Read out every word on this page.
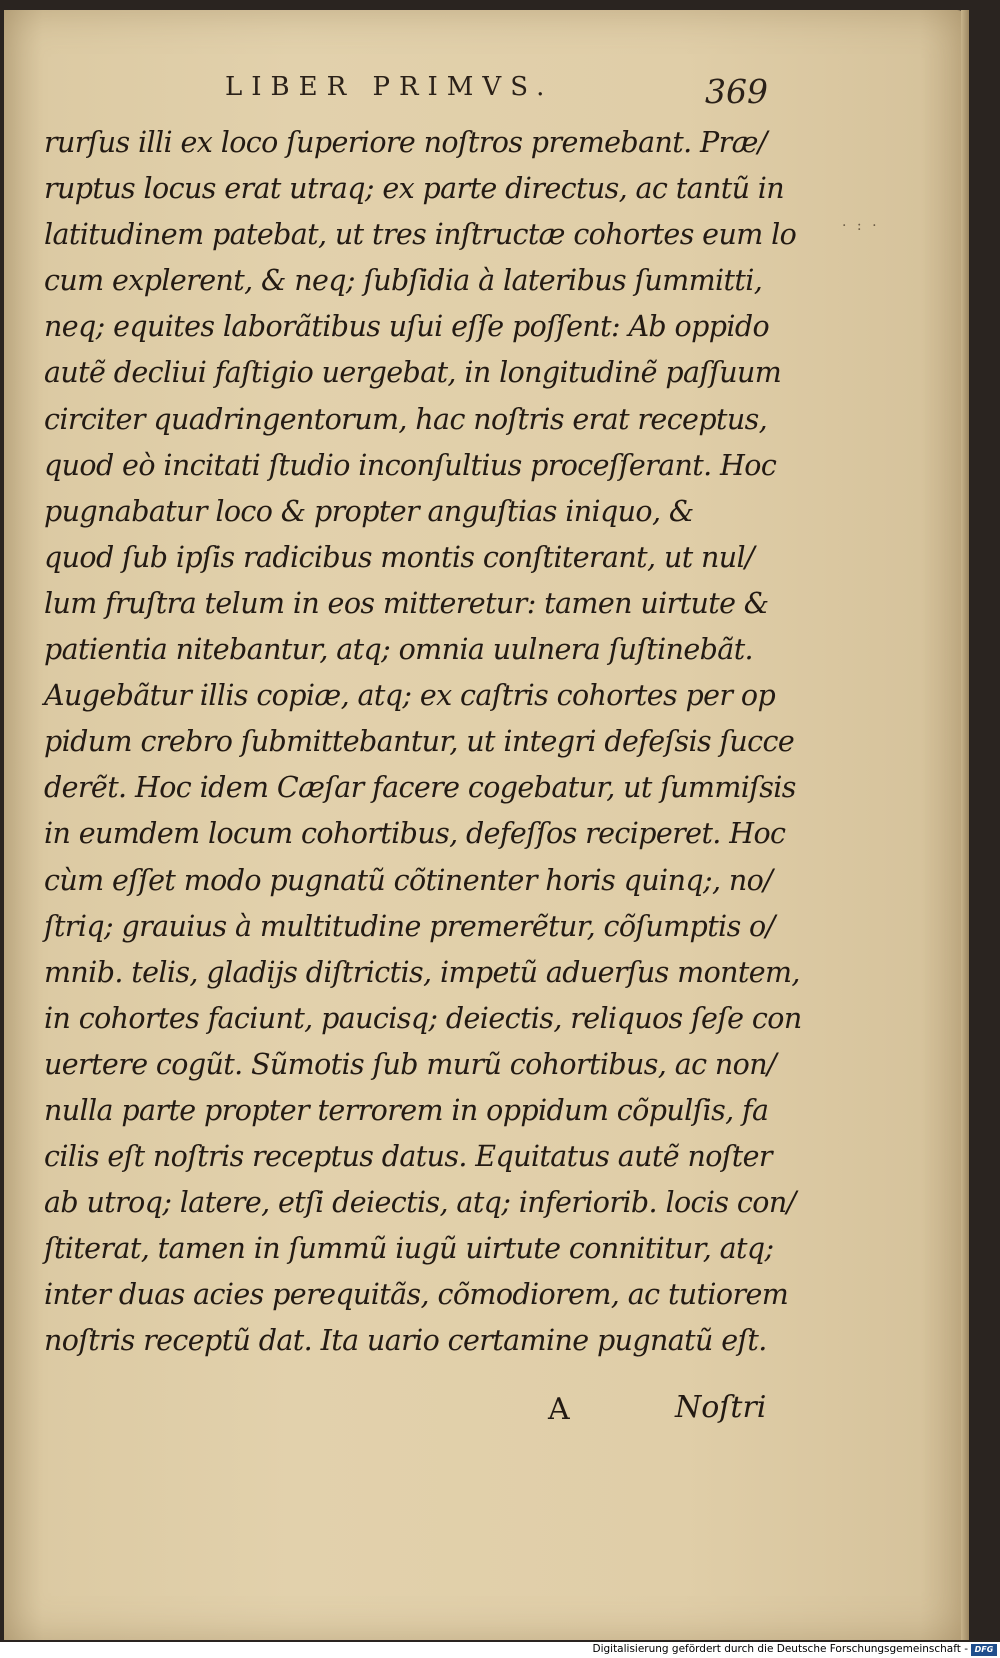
LIBER PRIMVS.	369
· : ·
rurſus illi ex loco ſuperiore noſtros premebant. Præ/
ruptus locus erat utraq; ex parte directus, ac tantũ in
latitudinem patebat, ut tres inſtructæ cohortes eum lo
cum explerent, & neq; ſubſidia à lateribus ſummitti,
neq; equites laborãtibus uſui eſſe poſſent: Ab oppido
autẽ decliui faſtigio uergebat, in longitudinẽ paſſuum
circiter quadringentorum, hac noſtris erat receptus,
quod eò incitati ſtudio inconſultius proceſſerant. Hoc
pugnabatur loco & propter anguſtias iniquo, &
quod ſub ipſis radicibus montis conſtiterant, ut nul/
lum fruſtra telum in eos mitteretur: tamen uirtute &
patientia nitebantur, atq; omnia uulnera ſuſtinebãt.
Augebãtur illis copiæ, atq; ex caſtris cohortes per op
pidum crebro ſubmittebantur, ut integri defeſsis ſucce
derẽt. Hoc idem Cæſar facere cogebatur, ut ſummiſsis
in eumdem locum cohortibus, defeſſos reciperet. Hoc
cùm eſſet modo pugnatũ cõtinenter horis quinq;, no/
ſtriq; grauius à multitudine premerẽtur, cõſumptis o/
mnib. telis, gladijs diſtrictis, impetũ aduerſus montem,
in cohortes faciunt, paucisq; deiectis, reliquos ſeſe con
uertere cogũt. Sũmotis ſub murũ cohortibus, ac non/
nulla parte propter terrorem in oppidum cõpulſis, fa
cilis eſt noſtris receptus datus. Equitatus autẽ noſter
ab utroq; latere, etſi deiectis, atq; inferiorib. locis con/
ſtiterat, tamen in ſummũ iugũ uirtute connititur, atq;
inter duas acies perequitãs, cõmodiorem, ac tutiorem
noſtris receptũ dat. Ita uario certamine pugnatũ eſt.
A	Noſtri
Digitalisierung gefördert durch die Deutsche Forschungsgemeinschaft - DFG
